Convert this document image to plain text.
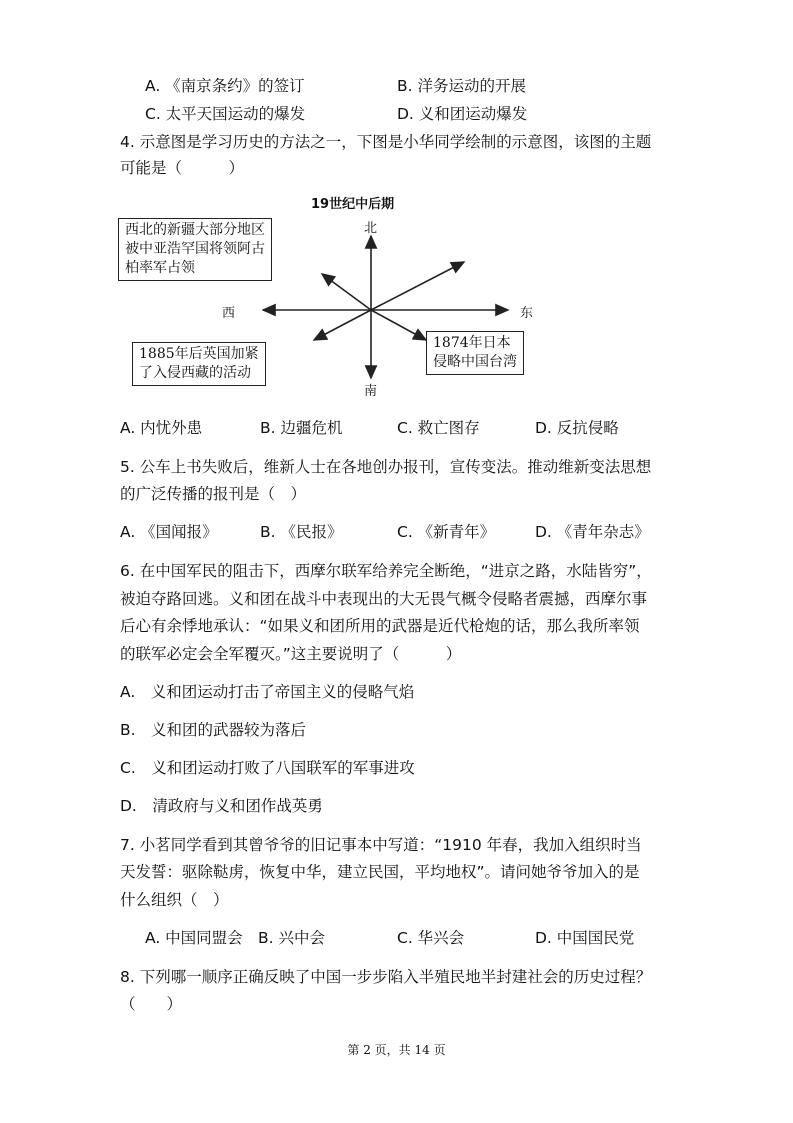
A. 《南京条约》的签订	B. 洋务运动的开展
C. 太平天国运动的爆发	D. 义和团运动爆发
4. 示意图是学习历史的方法之一，下图是小华同学绘制的示意图，该图的主题
可能是（　　　）
19世纪中后期
北
南
西	东
西北的新疆大部分地区
被中亚浩罕国将领阿古
柏率军占领
1874年日本
侵略中国台湾
1885年后英国加紧
了入侵西藏的活动
A. 内忧外患	B. 边疆危机	C. 救亡图存	D. 反抗侵略
5. 公车上书失败后，维新人士在各地创办报刊，宣传变法。推动维新变法思想
的广泛传播的报刊是（　）
A. 《国闻报》	B. 《民报》	C. 《新青年》	D. 《青年杂志》
6. 在中国军民的阻击下，西摩尔联军给养完全断绝，“进京之路，水陆皆穷”，
被迫夺路回逃。义和团在战斗中表现出的大无畏气概令侵略者震撼，西摩尔事
后心有余悸地承认：“如果义和团所用的武器是近代枪炮的话，那么我所率领
的联军必定会全军覆灭。”这主要说明了（　　　）
A.　义和团运动打击了帝国主义的侵略气焰
B.　义和团的武器较为落后
C.　义和团运动打败了八国联军的军事进攻
D.　清政府与义和团作战英勇
7. 小茗同学看到其曾爷爷的旧记事本中写道：“1910 年春，我加入组织时当
天发誓：驱除鞑虏，恢复中华，建立民国，平均地权”。请问她爷爷加入的是
什么组织（　）
A. 中国同盟会 B. 兴中会	C. 华兴会	D. 中国国民党
8. 下列哪一顺序正确反映了中国一步步陷入半殖民地半封建社会的历史过程？
（　　）
第 2 页，共 14 页
